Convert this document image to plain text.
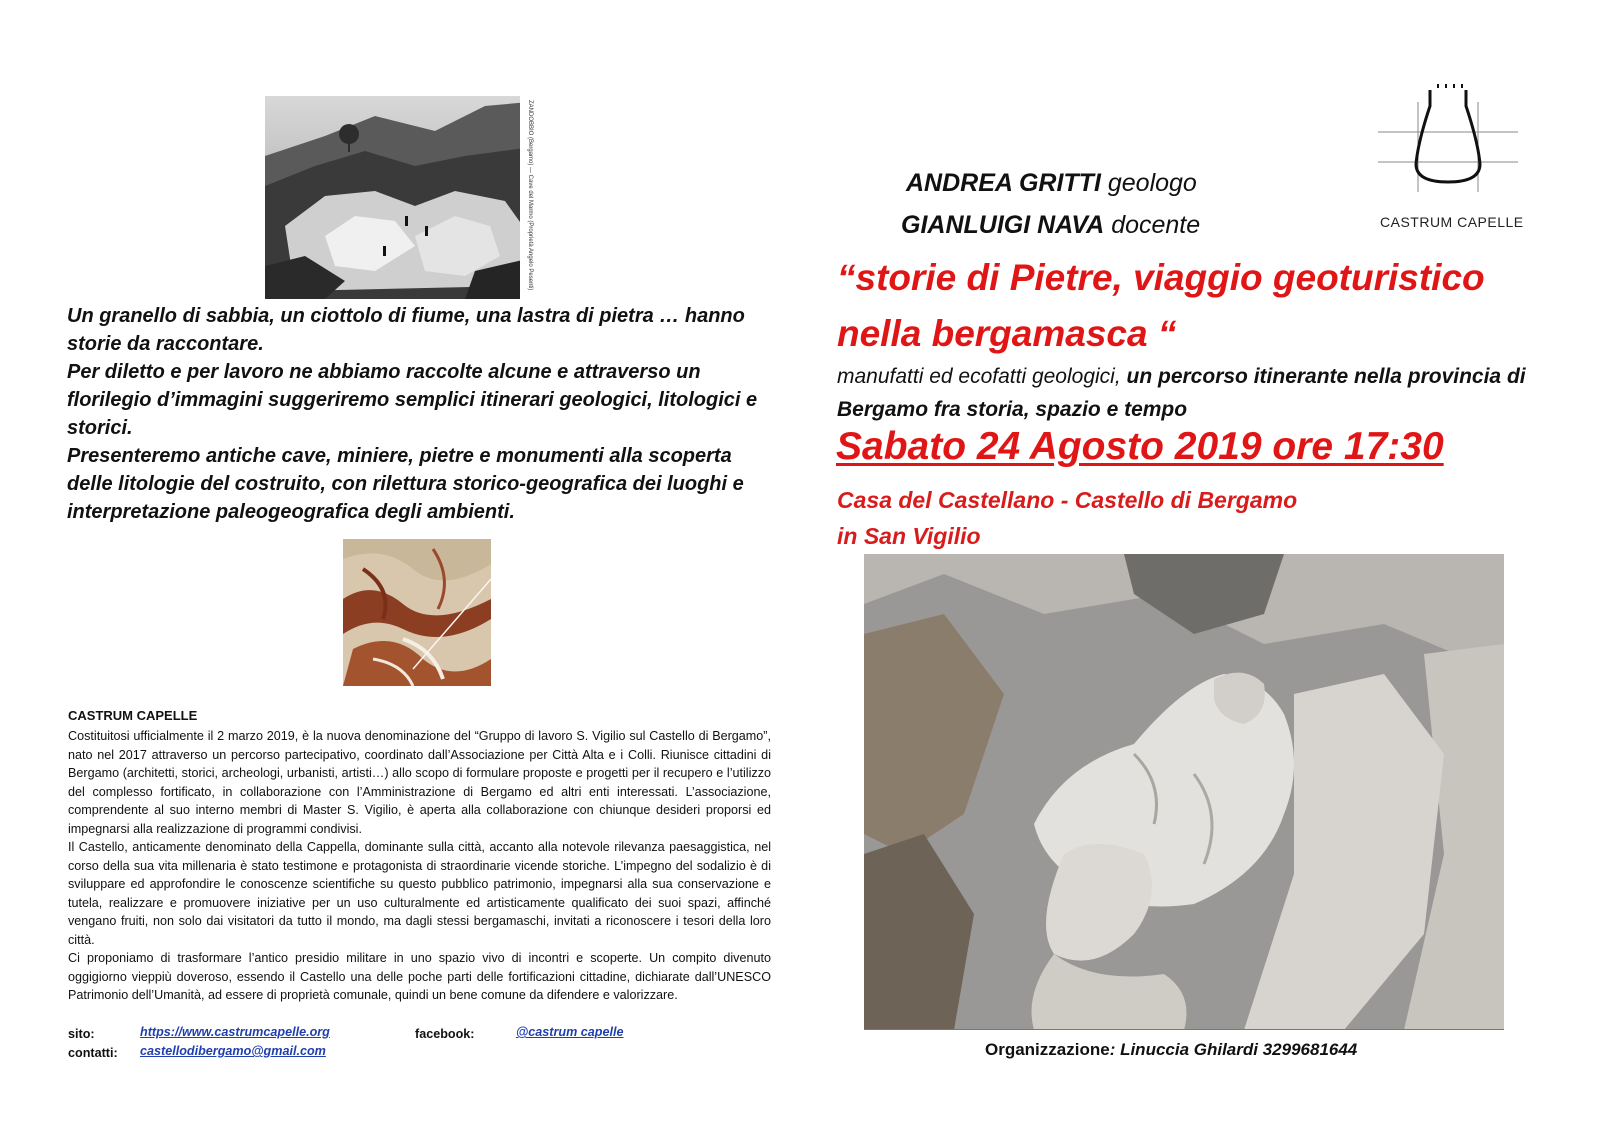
ZANDOBBIO (Bergamo) — Cave del Marmo (Proprietà Angelo Pesenti)

Un granello di sabbia, un ciottolo di fiume, una lastra di pietra … hanno storie da raccontare.

Per diletto e per lavoro ne abbiamo raccolte alcune e attraverso un florilegio d’immagini suggeriremo semplici itinerari geologici, litologici e storici.

Presenteremo antiche cave, miniere, pietre e monumenti alla scoperta delle litologie del costruito, con rilettura storico-geografica dei luoghi e interpretazione paleogeografica degli ambienti.

CASTRUM CAPELLE

Costituitosi ufficialmente il 2 marzo 2019, è la nuova denominazione del “Gruppo di lavoro S. Vigilio sul Castello di Bergamo”, nato nel 2017 attraverso un percorso partecipativo, coordinato dall’Associazione per Città Alta e i Colli. Riunisce cittadini di Bergamo (architetti, storici, archeologi, urbanisti, artisti…) allo scopo di formulare proposte e progetti per il recupero e l’utilizzo del complesso fortificato, in collaborazione con l’Amministrazione di Bergamo ed altri enti interessati. L’associazione, comprendente al suo interno membri di Master S. Vigilio, è aperta alla collaborazione con chiunque desideri proporsi ed impegnarsi alla realizzazione di programmi condivisi.

Il Castello, anticamente denominato della Cappella, dominante sulla città, accanto alla notevole rilevanza paesaggistica, nel corso della sua vita millenaria è stato testimone e protagonista di straordinarie vicende storiche. L’impegno del sodalizio è di sviluppare ed approfondire le conoscenze scientifiche su questo pubblico patrimonio, impegnarsi alla sua conservazione e tutela, realizzare e promuovere iniziative per un uso culturalmente ed artisticamente qualificato dei suoi spazi, affinché vengano fruiti, non solo dai visitatori da tutto il mondo, ma dagli stessi bergamaschi, invitati a riconoscere i tesori della loro città.

Ci proponiamo di trasformare l’antico presidio militare in uno spazio vivo di incontri e scoperte. Un compito divenuto oggigiorno vieppiù doveroso, essendo il Castello una delle poche parti delle fortificazioni cittadine, dichiarate dall’UNESCO Patrimonio dell’Umanità, ad essere di proprietà comunale, quindi un bene comune da difendere e valorizzare.

sito:	https://www.castrumcapelle.org	facebook:	@castrum capelle
contatti: castellodibergamo@gmail.com
CASTRUM CAPELLE
ANDREA GRITTI geologo
GIANLUIGI NAVA docente
“storie di Pietre, viaggio geoturistico nella bergamasca “
manufatti ed ecofatti geologici, un percorso itinerante nella provincia di Bergamo fra storia, spazio e tempo
Sabato 24 Agosto 2019 ore 17:30
Casa del Castellano - Castello di Bergamo
in San Vigilio
Organizzazione: Linuccia Ghilardi 3299681644
